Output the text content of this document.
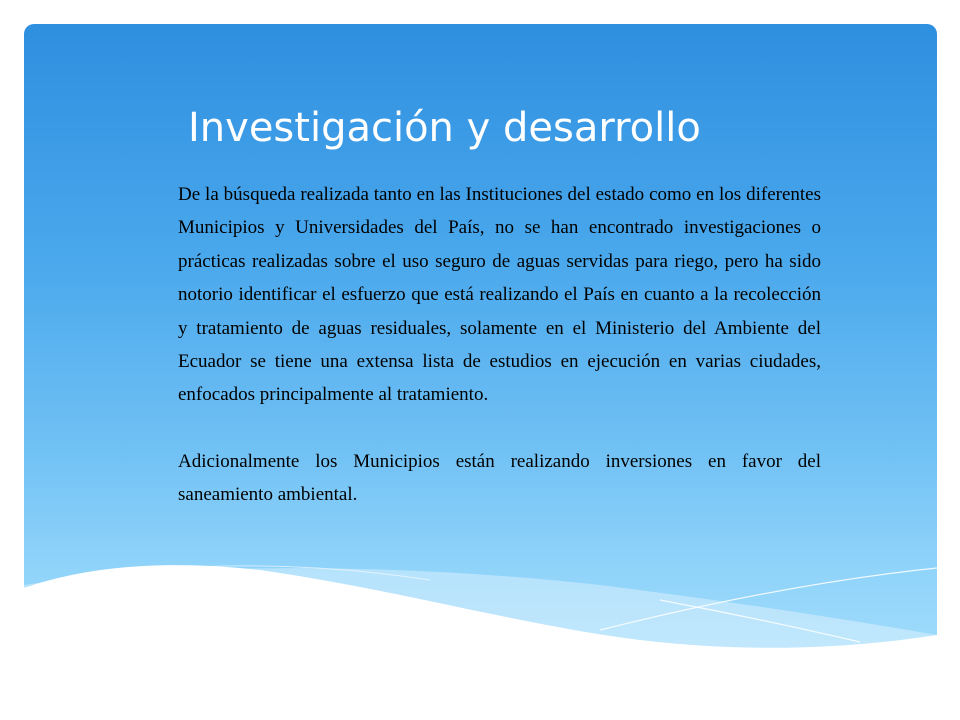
Investigación y desarrollo

De la búsqueda realizada tanto en las Instituciones del estado como en los diferentes Municipios y Universidades del País, no se han encontrado investigaciones o prácticas realizadas sobre el uso seguro de aguas servidas para riego, pero ha sido notorio identificar el esfuerzo que está realizando el País en cuanto a la recolección y tratamiento de aguas residuales, solamente en el Ministerio del Ambiente del Ecuador se tiene una extensa lista de estudios en ejecución en varias ciudades, enfocados principalmente al tratamiento.

Adicionalmente los Municipios están realizando inversiones en favor del saneamiento ambiental.
